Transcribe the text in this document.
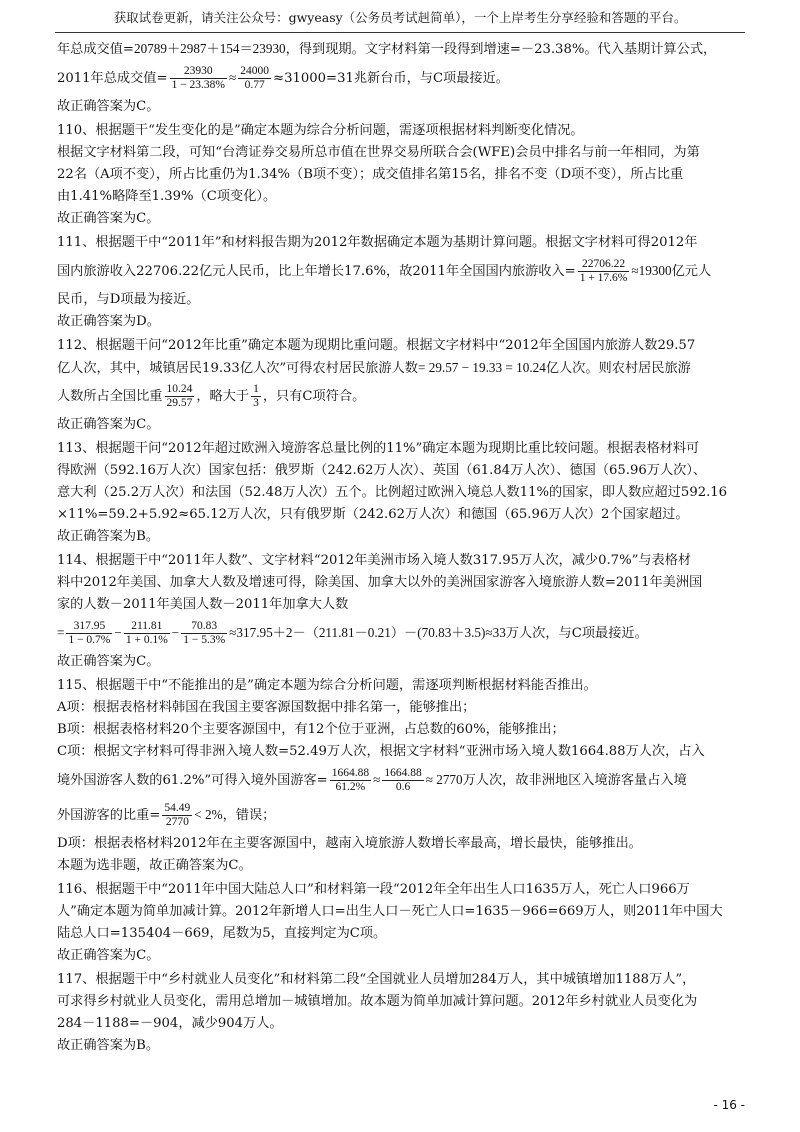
获取试卷更新，请关注公众号：gwyeasy（公务员考试赳简单），一个上岸考生分享经验和答题的平台。
年总成交值=20789＋2987＋154＝23930，得到现期。文字材料第一段得到增速=－23.38%。代入基期计算公式，
2011年总成交值= $\frac{23930}{1 - 23.38\%} \approx \frac{24000}{0.77} \approx 31000=31$兆新台币，与C项最接近。
故正确答案为C。
110、根据题干“发生变化的是”确定本题为综合分析问题，需逐项根据材料判断变化情况。
根据文字材料第二段，可知“台湾证券交易所总市值在世界交易所联合会(WFE)会员中排名与前一年相同，为第
22名（A项不变），所占比重仍为1.34%（B项不变）；成交值排名第15名，排名不变（D项不变），所占比重
由1.41%略降至1.39%（C项变化）。
故正确答案为C。
111、根据题干中“2011年”和材料报告期为2012年数据确定本题为基期计算问题。根据文字材料可得2012年
国内旅游收入22706.22亿元人民币，比上年增长17.6%，故2011年全国国内旅游收入= $\frac{22706.22}{1 + 17.6\%} \approx 19300$亿元人
民币，与D项最为接近。
故正确答案为D。
112、根据题干问“2012年比重”确定本题为现期比重问题。根据文字材料中“2012年全国国内旅游人数29.57
亿人次，其中，城镇居民19.33亿人次”可得农村居民旅游人数= 29.57 − 19.33 = 10.24亿人次。则农村居民旅游
人数所占全国比重 $\frac{10.24}{29.57}$ ，略大于 $\frac{1}{3}$ ，只有C项符合。
故正确答案为C。
113、根据题干问“2012年超过欧洲入境游客总量比例的11%”确定本题为现期比重比较问题。根据表格材料可
得欧洲（592.16万人次）国家包括：俄罗斯（242.62万人次）、英国（61.84万人次）、德国（65.96万人次）、
意大利（25.2万人次）和法国（52.48万人次）五个。比例超过欧洲入境总人数11%的国家，即人数应超过592.16
×11%=59.2+5.92≈65.12万人次，只有俄罗斯（242.62万人次）和德国（65.96万人次）2个国家超过。
故正确答案为B。
114、根据题干中“2011年人数”、文字材料“2012年美洲市场入境人数317.95万人次，减少0.7%”与表格材
料中2012年美国、加拿大人数及增速可得，除美国、加拿大以外的美洲国家游客入境旅游人数=2011年美洲国
家的人数－2011年美国人数－2011年加拿大人数
= $\frac{317.95}{1 - 0.7\%} - \frac{211.81}{1 + 0.1\%} - \frac{70.83}{1 - 5.3\%} \approx 317.95+2-(211.81-0.21)-(70.83+3.5)\approx 33$万人次，与C项最接近。
故正确答案为C。
115、根据题干中“不能推出的是”确定本题为综合分析问题，需逐项判断根据材料能否推出。
A项：根据表格材料韩国在我国主要客源国数据中排名第一，能够推出；
B项：根据表格材料20个主要客源国中，有12个位于亚洲，占总数的60%，能够推出；
C项：根据文字材料可得非洲入境人数=52.49万人次，根据文字材料“亚洲市场入境人数1664.88万人次，占入
境外国游客人数的61.2%”可得入境外国游客= $\frac{1664.88}{61.2\%} \approx \frac{1664.88}{0.6} \approx 2770$万人次，故非洲地区入境游客量占入境
外国游客的比重= $\frac{54.49}{2770} < 2\%$，错误；
D项：根据表格材料2012年在主要客源国中，越南入境旅游人数增长率最高，增长最快，能够推出。
本题为选非题，故正确答案为C。
116、根据题干中“2011年中国大陆总人口”和材料第一段“2012年全年出生人口1635万人，死亡人口966万
人”确定本题为简单加减计算。2012年新增人口=出生人口－死亡人口=1635－966=669万人，则2011年中国大
陆总人口=135404－669，尾数为5，直接判定为C项。
故正确答案为C。
117、根据题干中“乡村就业人员变化”和材料第二段“全国就业人员增加284万人，其中城镇增加1188万人”，
可求得乡村就业人员变化，需用总增加－城镇增加。故本题为简单加减计算问题。2012年乡村就业人员变化为
284－1188=－904，减少904万人。
故正确答案为B。
- 16 -
